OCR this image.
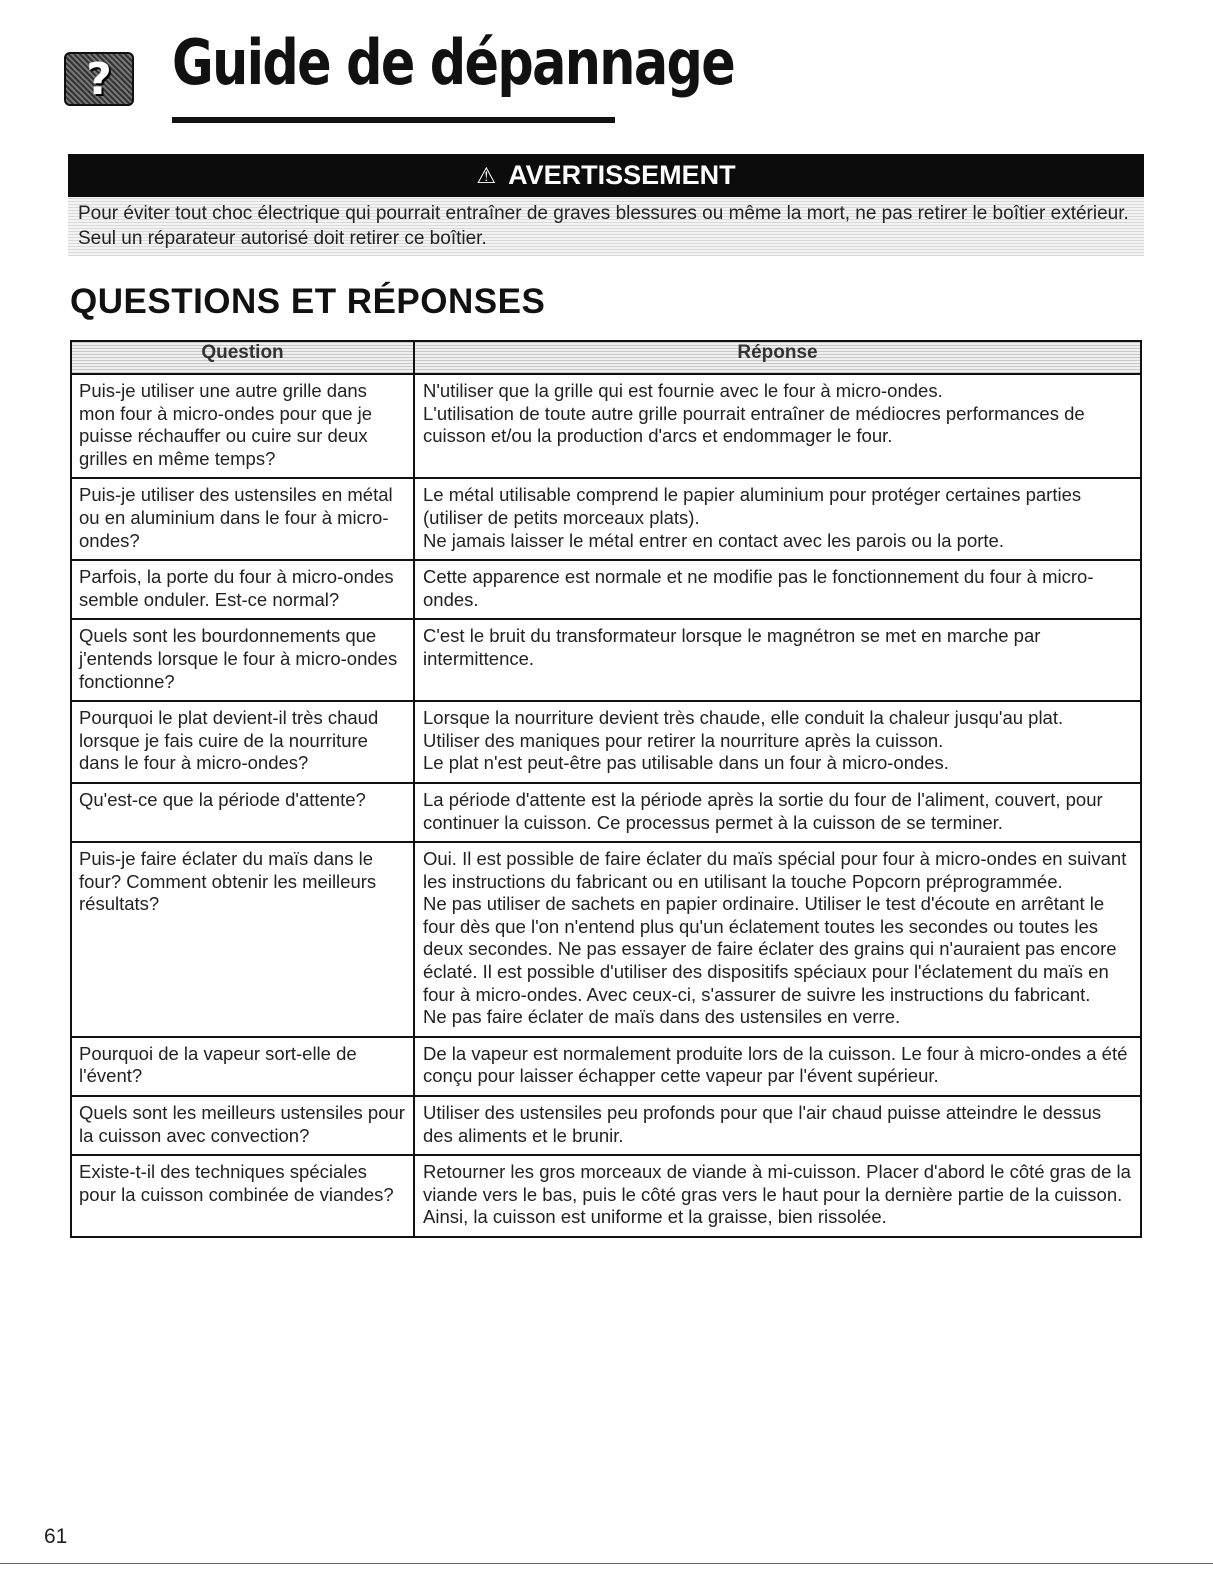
? Guide de dépannage
⚠ AVERTISSEMENT
Pour éviter tout choc électrique qui pourrait entraîner de graves blessures ou même la mort, ne pas retirer le boîtier extérieur.
Seul un réparateur autorisé doit retirer ce boîtier.
QUESTIONS ET RÉPONSES
Question	Réponse
Puis-je utiliser une autre grille dans mon four à micro-ondes pour que je puisse réchauffer ou cuire sur deux grilles en même temps?	N'utiliser que la grille qui est fournie avec le four à micro-ondes.
L'utilisation de toute autre grille pourrait entraîner de médiocres performances de cuisson et/ou la production d'arcs et endommager le four.

Puis-je utiliser des ustensiles en métal ou en aluminium dans le four à micro-ondes?	Le métal utilisable comprend le papier aluminium pour protéger certaines parties (utiliser de petits morceaux plats).
Ne jamais laisser le métal entrer en contact avec les parois ou la porte.

Parfois, la porte du four à micro-ondes semble onduler. Est-ce normal?	Cette apparence est normale et ne modifie pas le fonctionnement du four à micro-ondes.

Quels sont les bourdonnements que j'entends lorsque le four à micro-ondes fonctionne?	C'est le bruit du transformateur lorsque le magnétron se met en marche par intermittence.

Pourquoi le plat devient-il très chaud lorsque je fais cuire de la nourriture dans le four à micro-ondes?	Lorsque la nourriture devient très chaude, elle conduit la chaleur jusqu'au plat.
Utiliser des maniques pour retirer la nourriture après la cuisson.
Le plat n'est peut-être pas utilisable dans un four à micro-ondes.

Qu'est-ce que la période d'attente?	La période d'attente est la période après la sortie du four de l'aliment, couvert, pour continuer la cuisson. Ce processus permet à la cuisson de se terminer.

Puis-je faire éclater du maïs dans le four? Comment obtenir les meilleurs résultats?	Oui. Il est possible de faire éclater du maïs spécial pour four à micro-ondes en suivant les instructions du fabricant ou en utilisant la touche Popcorn préprogrammée.
Ne pas utiliser de sachets en papier ordinaire. Utiliser le test d'écoute en arrêtant le four dès que l'on n'entend plus qu'un éclatement toutes les secondes ou toutes les deux secondes. Ne pas essayer de faire éclater des grains qui n'auraient pas encore éclaté. Il est possible d'utiliser des dispositifs spéciaux pour l'éclatement du maïs en four à micro-ondes. Avec ceux-ci, s'assurer de suivre les instructions du fabricant.
Ne pas faire éclater de maïs dans des ustensiles en verre.

Pourquoi de la vapeur sort-elle de l'évent?	De la vapeur est normalement produite lors de la cuisson. Le four à micro-ondes a été conçu pour laisser échapper cette vapeur par l'évent supérieur.

Quels sont les meilleurs ustensiles pour la cuisson avec convection?	Utiliser des ustensiles peu profonds pour que l'air chaud puisse atteindre le dessus des aliments et le brunir.

Existe-t-il des techniques spéciales pour la cuisson combinée de viandes?	Retourner les gros morceaux de viande à mi-cuisson. Placer d'abord le côté gras de la viande vers le bas, puis le côté gras vers le haut pour la dernière partie de la cuisson. Ainsi, la cuisson est uniforme et la graisse, bien rissolée.
61
